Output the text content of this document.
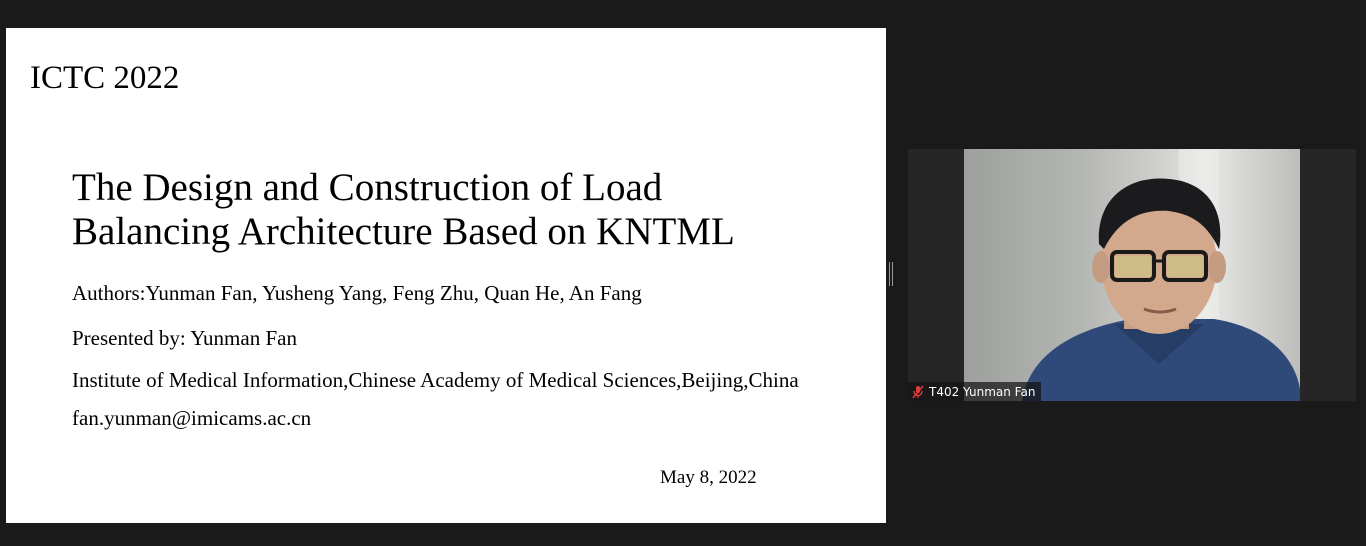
ICTC 2022
The Design and Construction of Load
Balancing Architecture Based on KNTML
Authors:Yunman Fan, Yusheng Yang, Feng Zhu, Quan He, An Fang
Presented by: Yunman Fan
Institute of Medical Information,Chinese Academy of Medical Sciences,Beijing,China
fan.yunman@imicams.ac.cn
May 8, 2022
T402 Yunman Fan
